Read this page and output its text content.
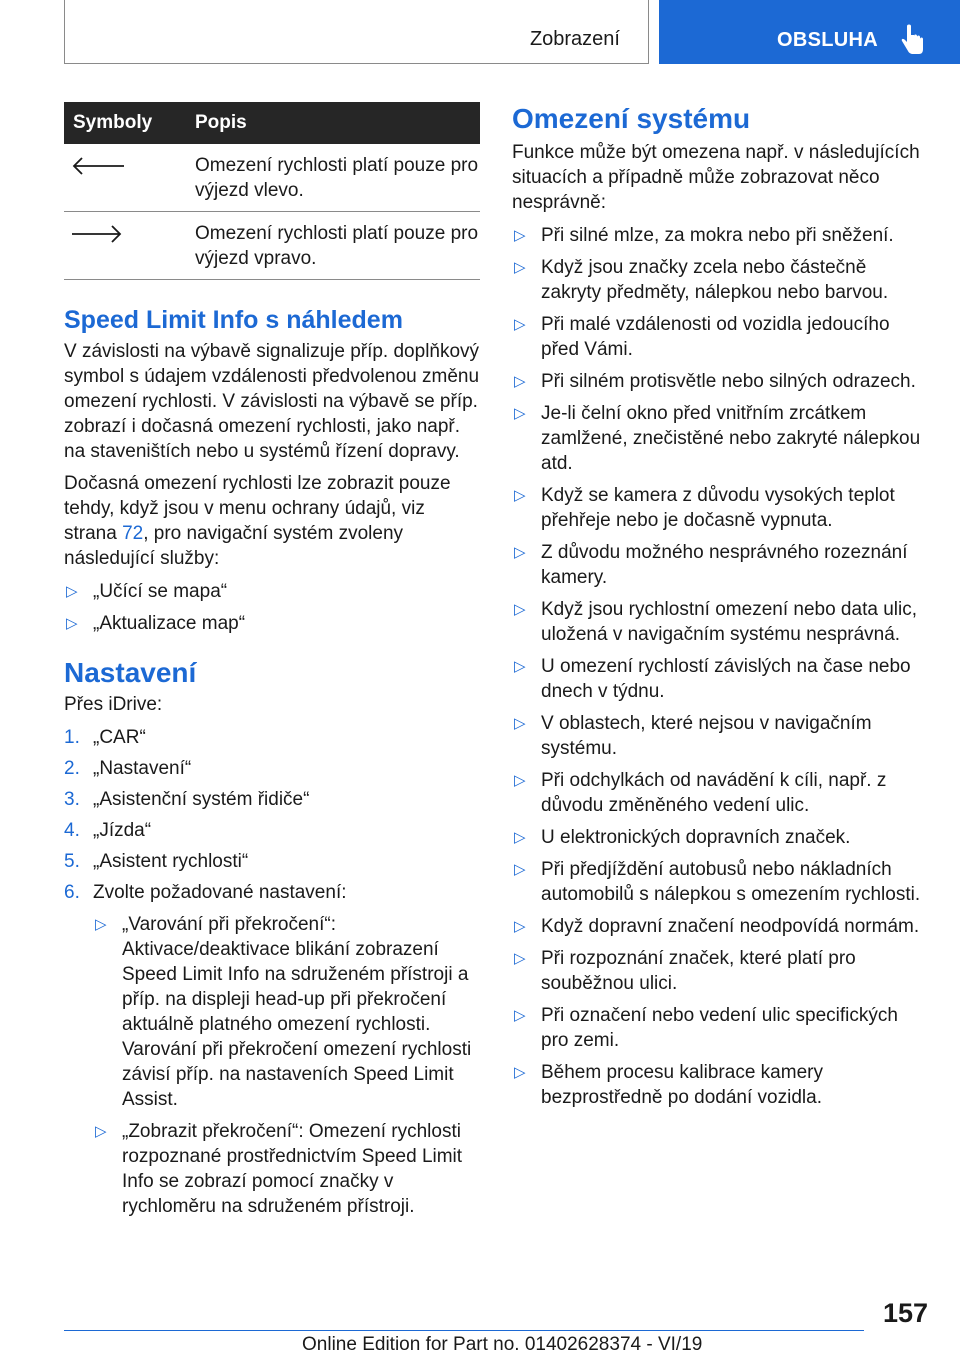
Zobrazení	OBSLUHA
Symboly	Popis
	Omezení rychlosti platí pouze pro výjezd vlevo.
	Omezení rychlosti platí pouze pro výjezd vpravo.
Speed Limit Info s náhledem

V závislosti na výbavě signalizuje příp. doplňkový symbol s údajem vzdálenosti předvolenou změnu omezení rychlosti. V závislosti na výbavě se příp. zobrazí i dočasná omezení rychlosti, jako např. na staveništích nebo u systémů řízení dopravy.

Dočasná omezení rychlosti lze zobrazit pouze tehdy, když jsou v menu ochrany údajů, viz strana 72, pro navigační systém zvoleny následující služby:

▷ „Učící se mapa“
▷ „Aktualizace map“
Nastavení

Přes iDrive:

1. „CAR“
2. „Nastavení“
3. „Asistenční systém řidiče“
4. „Jízda“
5. „Asistent rychlosti“
6. Zvolte požadované nastavení:
▷ „Varování při překročení“: Aktivace/deaktivace blikání zobrazení Speed Limit Info na sdruženém přístroji a příp. na displeji head-up při překročení aktuálně platného omezení rychlosti. Varování při překročení omezení rychlosti závisí příp. na nastaveních Speed Limit Assist.
▷ „Zobrazit překročení“: Omezení rychlosti rozpoznané prostřednictvím Speed Limit Info se zobrazí pomocí značky v rychloměru na sdruženém přístroji.
Omezení systému

Funkce může být omezena např. v následujících situacích a případně může zobrazovat něco nesprávně:

▷ Při silné mlze, za mokra nebo při sněžení.
▷ Když jsou značky zcela nebo částečně zakryty předměty, nálepkou nebo barvou.
▷ Při malé vzdálenosti od vozidla jedoucího před Vámi.
▷ Při silném protisvětle nebo silných odrazech.
▷ Je-li čelní okno před vnitřním zrcátkem zamlžené, znečistěné nebo zakryté nálepkou atd.
▷ Když se kamera z důvodu vysokých teplot přehřeje nebo je dočasně vypnuta.
▷ Z důvodu možného nesprávného rozeznání kamery.
▷ Když jsou rychlostní omezení nebo data ulic, uložená v navigačním systému nesprávná.
▷ U omezení rychlostí závislých na čase nebo dnech v týdnu.
▷ V oblastech, které nejsou v navigačním systému.
▷ Při odchylkách od navádění k cíli, např. z důvodu změněného vedení ulic.
▷ U elektronických dopravních značek.
▷ Při předjíždění autobusů nebo nákladních automobilů s nálepkou s omezením rychlosti.
▷ Když dopravní značení neodpovídá normám.
▷ Při rozpoznání značek, které platí pro souběžnou ulici.
▷ Při označení nebo vedení ulic specifických pro zemi.
▷ Během procesu kalibrace kamery bezprostředně po dodání vozidla.
157
Online Edition for Part no. 01402628374 - VI/19
